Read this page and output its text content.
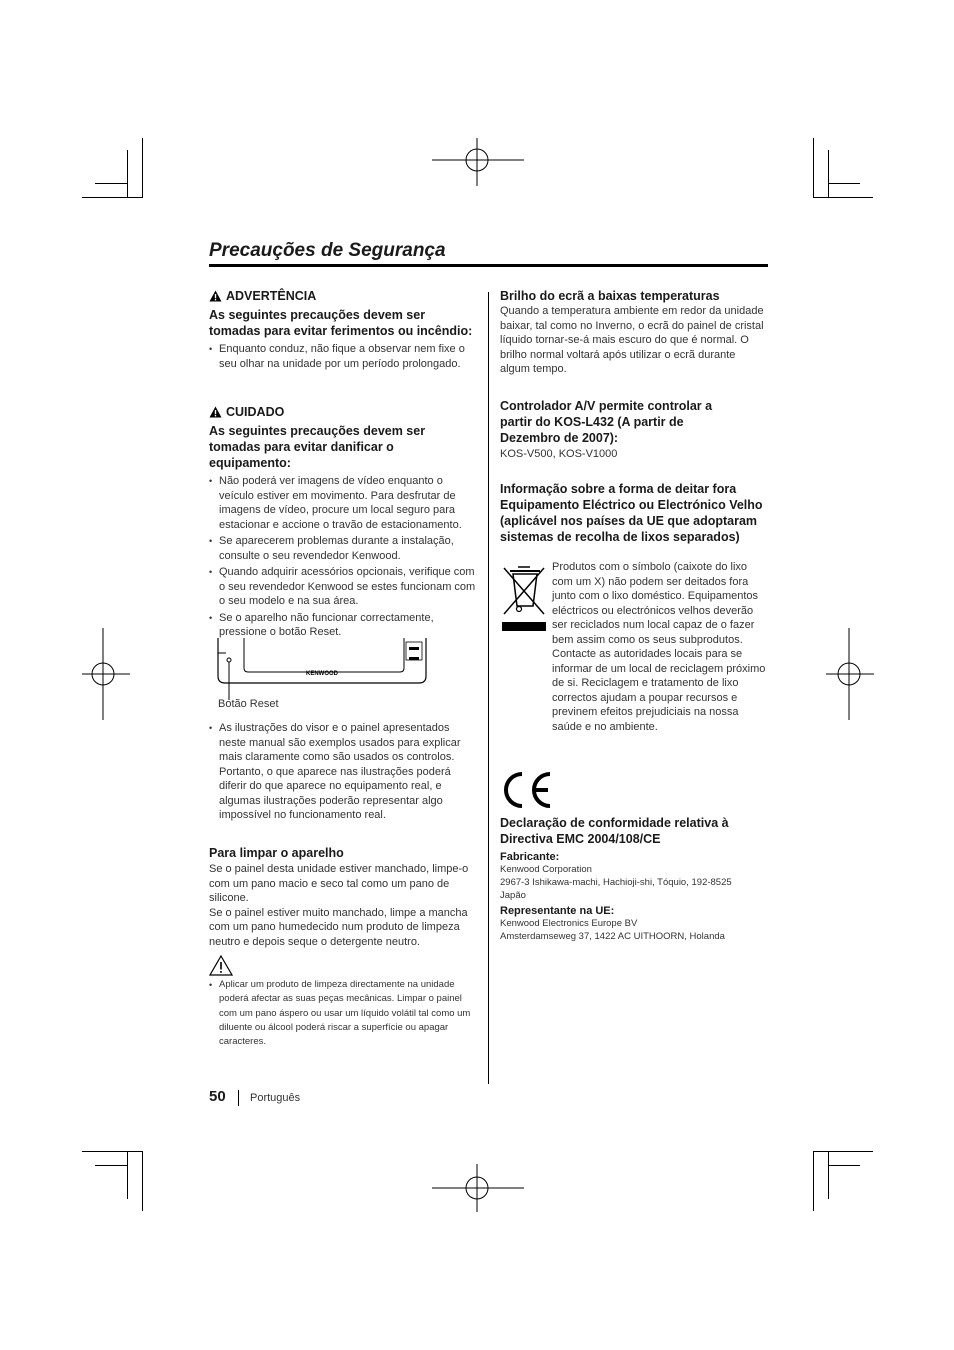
Precauções de Segurança
ADVERTÊNCIA
As seguintes precauções devem ser tomadas para evitar ferimentos ou incêndio:
• Enquanto conduz, não fique a observar nem fixe o seu olhar na unidade por um período prolongado.
CUIDADO
As seguintes precauções devem ser tomadas para evitar danificar o equipamento:
• Não poderá ver imagens de vídeo enquanto o veículo estiver em movimento. Para desfrutar de imagens de vídeo, procure um local seguro para estacionar e accione o travão de estacionamento.
• Se aparecerem problemas durante a instalação, consulte o seu revendedor Kenwood.
• Quando adquirir acessórios opcionais, verifique com o seu revendedor Kenwood se estes funcionam com o seu modelo e na sua área.
• Se o aparelho não funcionar correctamente, pressione o botão Reset.
KENWOOD
Botão Reset
• As ilustrações do visor e o painel apresentados neste manual são exemplos usados para explicar mais claramente como são usados os controlos. Portanto, o que aparece nas ilustrações poderá diferir do que aparece no equipamento real, e algumas ilustrações poderão representar algo impossível no funcionamento real.
Para limpar o aparelho
Se o painel desta unidade estiver manchado, limpe-o com um pano macio e seco tal como um pano de silicone.
Se o painel estiver muito manchado, limpe a mancha com um pano humedecido num produto de limpeza neutro e depois seque o detergente neutro.
• Aplicar um produto de limpeza directamente na unidade poderá afectar as suas peças mecânicas. Limpar o painel com um pano áspero ou usar um líquido volátil tal como um diluente ou álcool poderá riscar a superfície ou apagar caracteres.
50 Português
Brilho do ecrã a baixas temperaturas
Quando a temperatura ambiente em redor da unidade baixar, tal como no Inverno, o ecrã do painel de cristal líquido tornar-se-á mais escuro do que é normal. O brilho normal voltará após utilizar o ecrã durante algum tempo.
Controlador A/V permite controlar a partir do KOS-L432 (A partir de Dezembro de 2007):
KOS-V500, KOS-V1000
Informação sobre a forma de deitar fora Equipamento Eléctrico ou Electrónico Velho (aplicável nos países da UE que adoptaram sistemas de recolha de lixos separados)
Produtos com o símbolo (caixote do lixo com um X) não podem ser deitados fora junto com o lixo doméstico. Equipamentos eléctricos ou electrónicos velhos deverão ser reciclados num local capaz de o fazer bem assim como os seus subprodutos. Contacte as autoridades locais para se informar de um local de reciclagem próximo de si. Reciclagem e tratamento de lixo correctos ajudam a poupar recursos e previnem efeitos prejudiciais na nossa saúde e no ambiente.
Declaração de conformidade relativa à Directiva EMC 2004/108/CE
Fabricante:
Kenwood Corporation
2967-3 Ishikawa-machi, Hachioji-shi, Tóquio, 192-8525
Japão
Representante na UE:
Kenwood Electronics Europe BV
Amsterdamseweg 37, 1422 AC UITHOORN, Holanda
